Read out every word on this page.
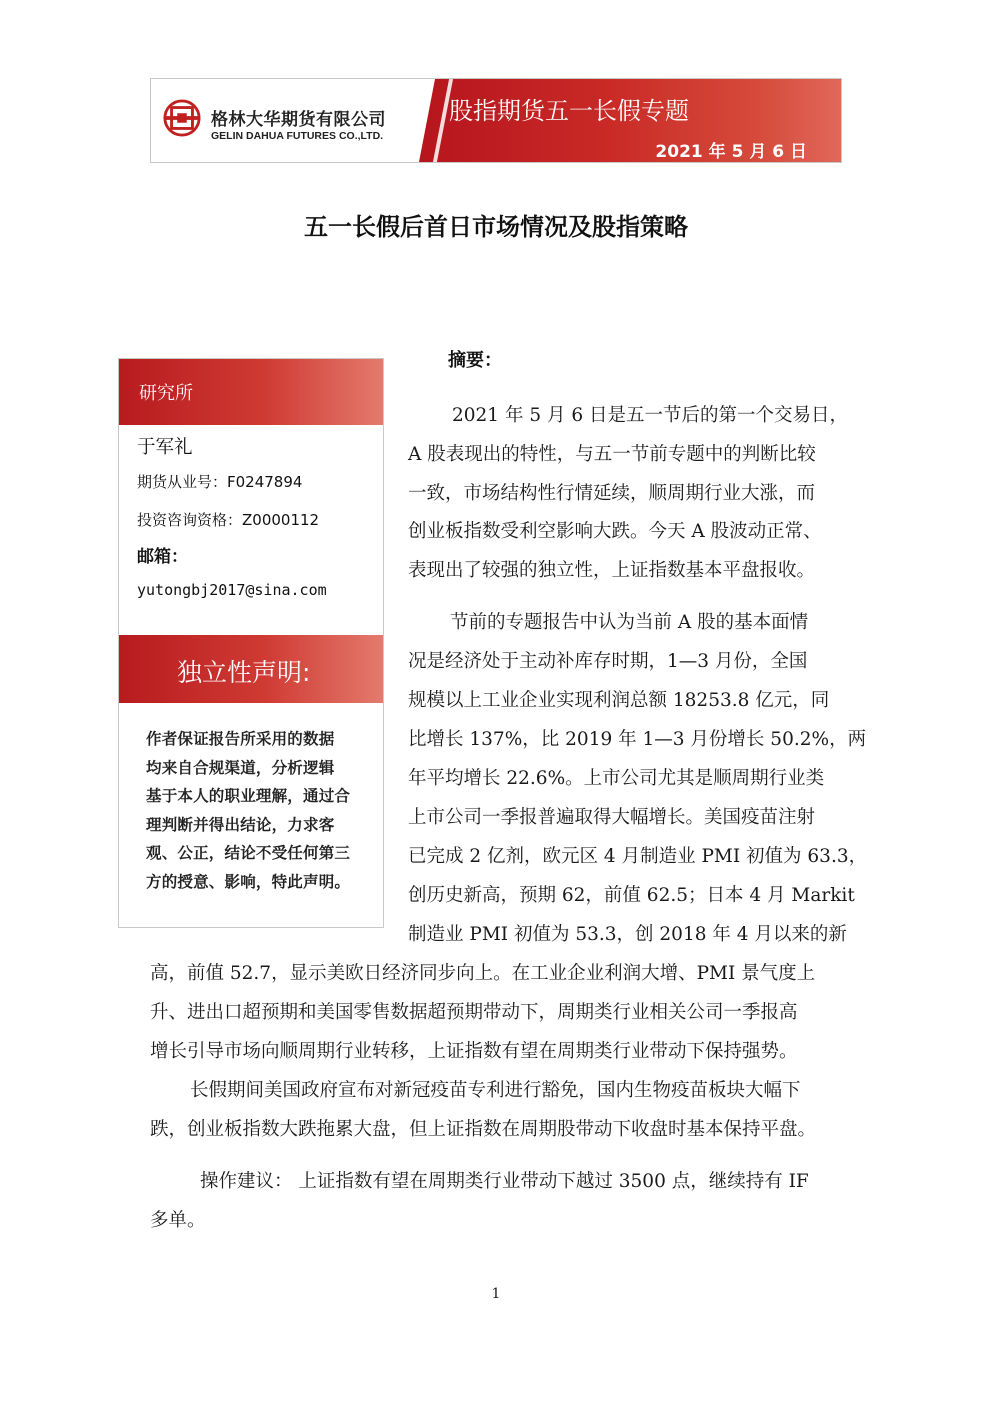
格林大华期货有限公司
GELIN DAHUA FUTURES CO.,LTD.
股指期货五一长假专题
2021 年 5 月 6 日
五一长假后首日市场情况及股指策略
研究所
于军礼
期货从业号：F0247894
投资咨询资格：Z0000112
邮箱：
yutongbj2017@sina.com
独立性声明:
作者保证报告所采用的数据
均来自合规渠道，分析逻辑
基于本人的职业理解，通过合
理判断并得出结论，力求客
观、公正，结论不受任何第三
方的授意、影响，特此声明。
摘要：
2021 年 5 月 6 日是五一节后的第一个交易日，
A 股表现出的特性，与五一节前专题中的判断比较
一致，市场结构性行情延续，顺周期行业大涨，而
创业板指数受利空影响大跌。今天 A 股波动正常、
表现出了较强的独立性，上证指数基本平盘报收。
节前的专题报告中认为当前 A 股的基本面情
况是经济处于主动补库存时期，1—3 月份，全国
规模以上工业企业实现利润总额 18253.8 亿元，同
比增长 137%，比 2019 年 1—3 月份增长 50.2%，两
年平均增长 22.6%。上市公司尤其是顺周期行业类
上市公司一季报普遍取得大幅增长。美国疫苗注射
已完成 2 亿剂，欧元区 4 月制造业 PMI 初值为 63.3，
创历史新高，预期 62，前值 62.5；日本 4 月 Markit
制造业 PMI 初值为 53.3，创 2018 年 4 月以来的新
高，前值 52.7，显示美欧日经济同步向上。在工业企业利润大增、PMI 景气度上
升、进出口超预期和美国零售数据超预期带动下，周期类行业相关公司一季报高
增长引导市场向顺周期行业转移，上证指数有望在周期类行业带动下保持强势。
长假期间美国政府宣布对新冠疫苗专利进行豁免，国内生物疫苗板块大幅下
跌，创业板指数大跌拖累大盘，但上证指数在周期股带动下收盘时基本保持平盘。
操作建议： 上证指数有望在周期类行业带动下越过 3500 点，继续持有 IF
多单。
1
